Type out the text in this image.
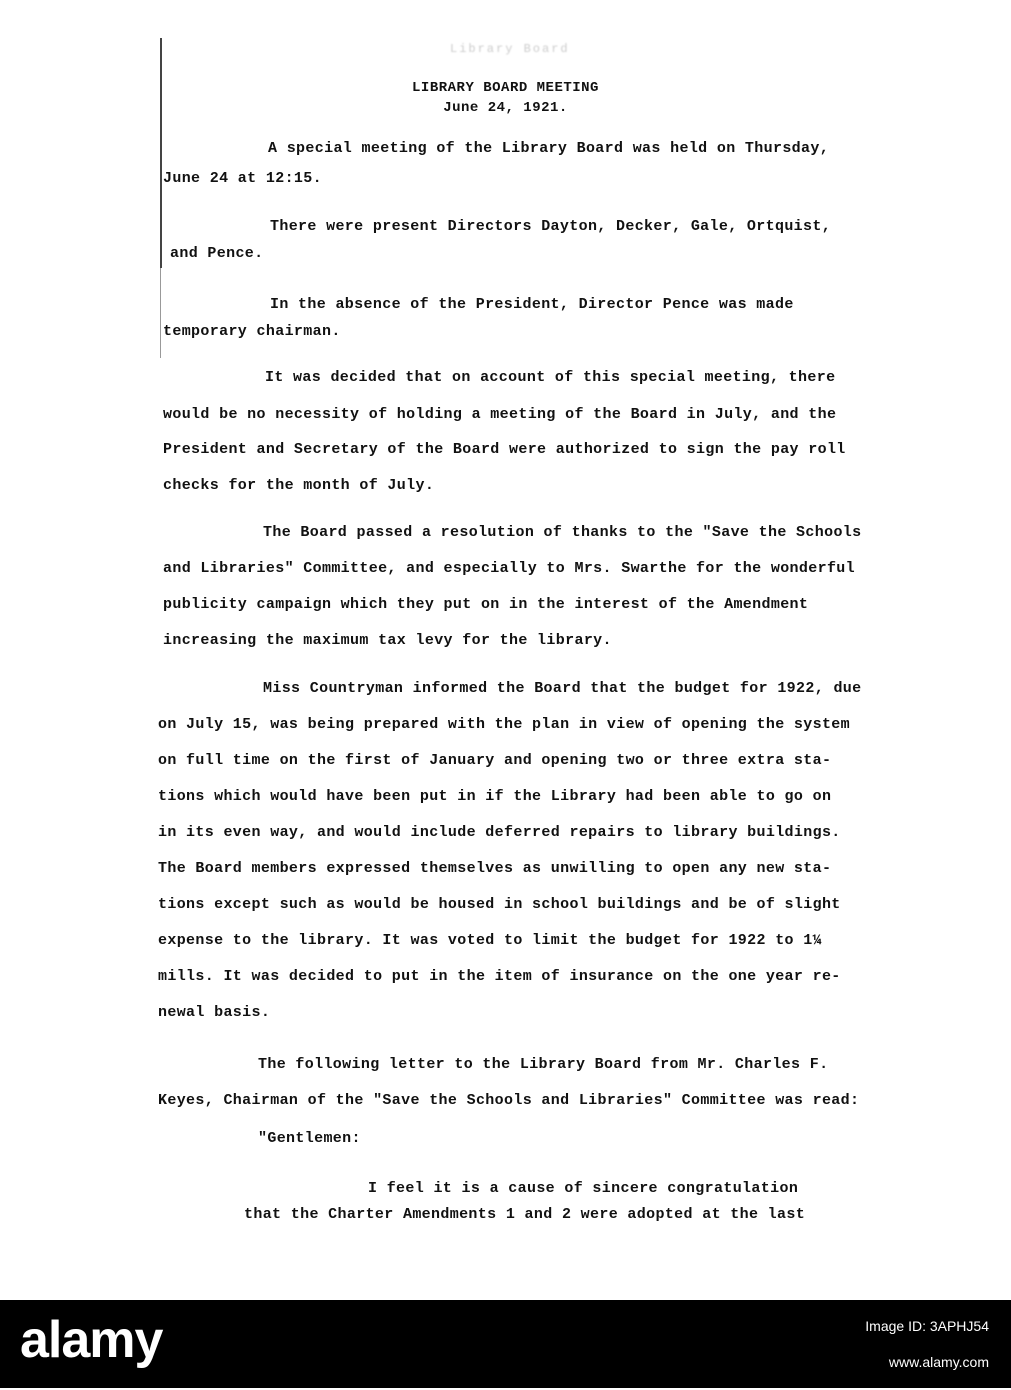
Library Board
LIBRARY BOARD MEETING
June 24, 1921.
A special meeting of the Library Board was held on Thursday,
June 24 at 12:15.
There were present Directors Dayton, Decker, Gale, Ortquist,
and Pence.
In the absence of the President, Director Pence was made
temporary chairman.
It was decided that on account of this special meeting, there
would be no necessity of holding a meeting of the Board in July, and the
President and Secretary of the Board were authorized to sign the pay roll
checks for the month of July.
The Board passed a resolution of thanks to the "Save the Schools
and Libraries" Committee, and especially to Mrs. Swarthe for the wonderful
publicity campaign which they put on in the interest of the Amendment
increasing the maximum tax levy for the library.
Miss Countryman informed the Board that the budget for 1922, due
on July 15, was being prepared with the plan in view of opening the system
on full time on the first of January and opening two or three extra sta-
tions which would have been put in if the Library had been able to go on
in its even way, and would include deferred repairs to library buildings.
The Board members expressed themselves as unwilling to open any new sta-
tions except such as would be housed in school buildings and be of slight
expense to the library. It was voted to limit the budget for 1922 to 1¼
mills. It was decided to put in the item of insurance on the one year re-
newal basis.
The following letter to the Library Board from Mr. Charles F.
Keyes, Chairman of the "Save the Schools and Libraries" Committee was read:
"Gentlemen:
I feel it is a cause of sincere congratulation
that the Charter Amendments 1 and 2 were adopted at the last
alamy	Image ID: 3APHJ54
www.alamy.com
